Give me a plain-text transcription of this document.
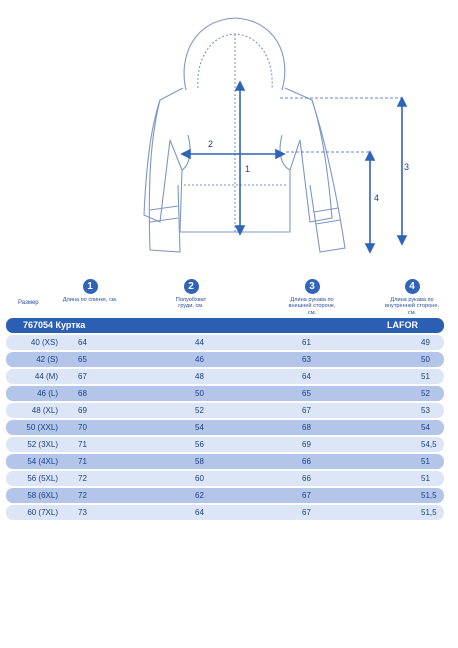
1
2
3
4
Размер
1
Длина по спинке, см.
2
Полуобхват груди, см.
3
Длина рукава по внешней стороне, см.
4
Длина рукава по внутренней стороне, см.
767054 Куртка	LAFOR
40 (XS)	64	44	61	49
42 (S)	65	46	63	50
44 (M)	67	48	64	51
46 (L)	68	50	65	52
48 (XL)	69	52	67	53
50 (XXL)	70	54	68	54
52 (3XL)	71	56	69	54,5
54 (4XL)	71	58	66	51
56 (5XL)	72	60	66	51
58 (6XL)	72	62	67	51,5
60 (7XL)	73	64	67	51,5
